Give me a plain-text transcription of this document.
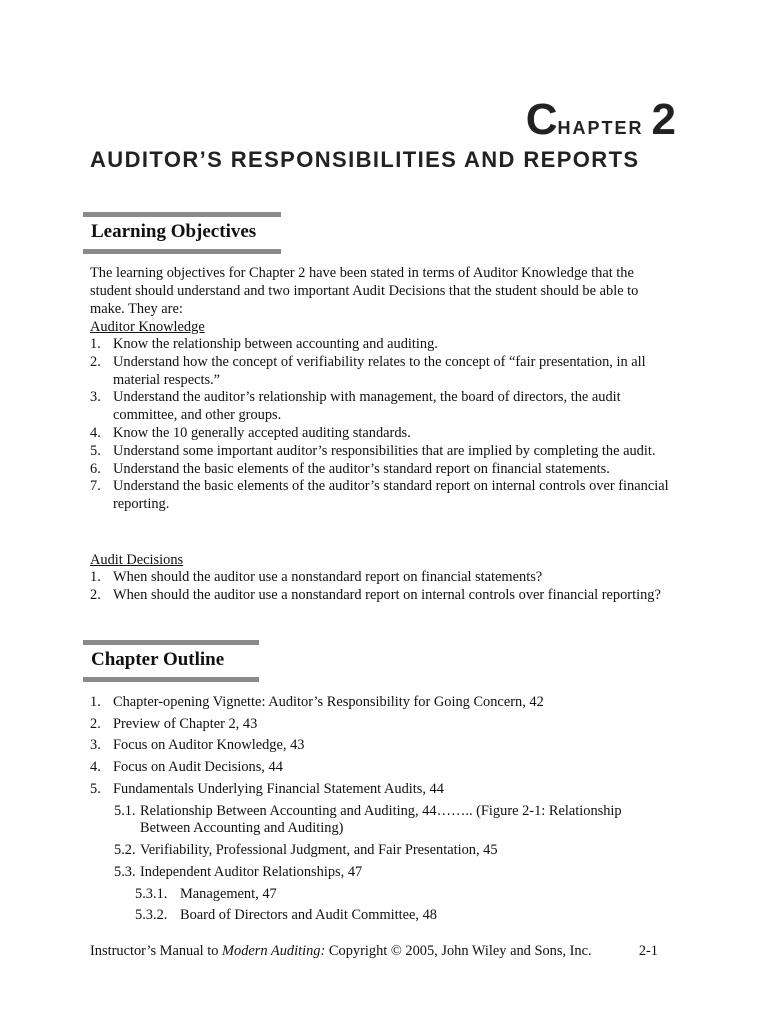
CHAPTER 2
AUDITOR’S RESPONSIBILITIES AND REPORTS
Learning Objectives
The learning objectives for Chapter 2 have been stated in terms of Auditor Knowledge that the student should understand and two important Audit Decisions that the student should be able to make. They are:
Auditor Knowledge
1. Know the relationship between accounting and auditing.
2. Understand how the concept of verifiability relates to the concept of “fair presentation, in all material respects.”
3. Understand the auditor’s relationship with management, the board of directors, the audit committee, and other groups.
4. Know the 10 generally accepted auditing standards.
5. Understand some important auditor’s responsibilities that are implied by completing the audit.
6. Understand the basic elements of the auditor’s standard report on financial statements.
7. Understand the basic elements of the auditor’s standard report on internal controls over financial reporting.
Audit Decisions
1. When should the auditor use a nonstandard report on financial statements?
2. When should the auditor use a nonstandard report on internal controls over financial reporting?
Chapter Outline
1. Chapter-opening Vignette: Auditor’s Responsibility for Going Concern, 42
2. Preview of Chapter 2, 43
3. Focus on Auditor Knowledge, 43
4. Focus on Audit Decisions, 44
5. Fundamentals Underlying Financial Statement Audits, 44
5.1. Relationship Between Accounting and Auditing, 44…….. (Figure 2-1: Relationship Between Accounting and Auditing)
5.2. Verifiability, Professional Judgment, and Fair Presentation, 45
5.3. Independent Auditor Relationships, 47
5.3.1. Management, 47
5.3.2. Board of Directors and Audit Committee, 48
Instructor’s Manual to Modern Auditing: Copyright © 2005, John Wiley and Sons, Inc.	2-1
